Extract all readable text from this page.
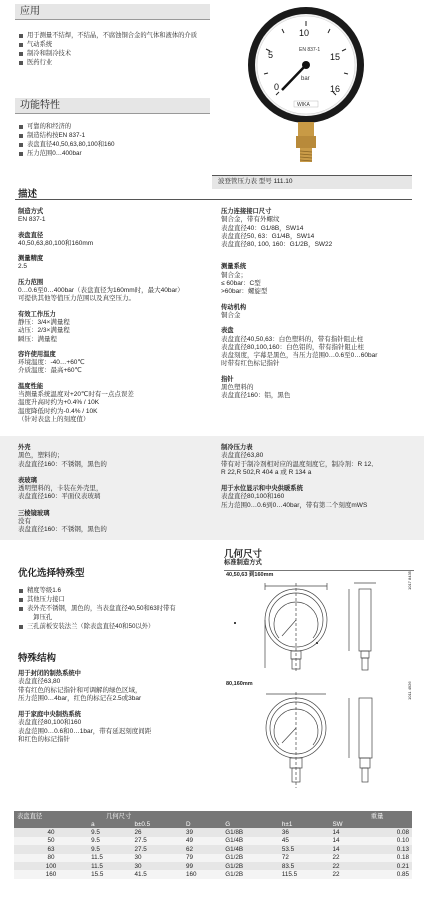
应用
用于测量不结焊，不结晶，不腐蚀铜合金的气体和液体的介质
气动系统
制冷和制冷技术
医药行业
功能特性
可靠的和经济的
制造结构按EN 837-1
表盘直径40,50,63,80,100和160
压力范围0…400bar
0
5
10
15
16
EN 837-1
bar
WIKA
波登管压力表 型号 111.10
描述
制造方式
EN 837-1
表盘直径
40,50,63,80,100和160mm
测量精度
2.5
压力范围
0…0.6至0…400bar（表盘直径为160mm时，最大40bar）
可提供其他等值压力范围以及真空压力。
有效工作压力
静压：3/4×满量程
动压：2/3×满量程
瞬压：满量程
容许使用温度
环境温度：-40…+60℃
介质温度：最高+60℃
温度性能
当测量系统温度对+20℃时有一点点误差
温度升高时约为+0.4% / 10K
温度降低时约为-0.4% / 10K
（针对表盘上的刻度值）
压力连接接口尺寸
铜合金，带有外螺纹
表盘直径40：G1/8B，SW14
表盘直径50, 63：G1/4B，SW14
表盘直径80, 100, 160：G1/2B，SW22
测量系统
铜合金；
≤ 60bar：C型
>60bar：螺旋型
传动机构
铜合金
表盘
表盘直径40,50,63：白色塑料的，带有指针阻止柱
表盘直径80,100,160：白色铝的，带有指针阻止柱
表盘刻度，字幕是黑色，当压力范围0…0.6至0…60bar
时带有红色标记指针
指针
黑色塑料的
表盘直径160：铝，黑色
外壳
黑色，塑料的；
表盘直径160：不锈钢，黑色的
表玻璃
透明塑料的，卡装在外壳里，
表盘直径160：平面仪表玻璃
三棱镜玻璃
没有
表盘直径160：不锈钢，黑色的
制冷压力表
表盘直径63,80
带有对于制冷剂相对应的温度刻度它，制冷剂：R 12,
R 22,R 502,R 404 a 或 R 134 a
用于水位显示和中央供暖系统
表盘直径80,100和160
压力范围0…0.6到0…40bar，带有第二个刻度mWS
优化选择特殊型
精度等级1.6
其他压力接口
表外壳不锈钢，黑色的，当表盘直径40,50和63时带有
　卸压孔
三孔前板安装法兰（除表盘直径40和50以外）
特殊结构
用于封闭的制热系统中
表盘直径63,80
带有红色的标记指针和可调解的绿色区域，
压力范围0…4bar，红色的标记在2.5或3bar
用于家庭中央制热系统
表盘直径80,100和160
表盘范围0…0.6和0…1bar，带有延迟刻度间距
和红色的标记指针
几何尺寸
标准制造方式
40,50,63 到160mm
80,160mm
1017 8435
1011 4926
表盘直径	几何尺寸						重量
	a	b±0.5	D	G	h±1	SW	
40	9.5	26	39	G1/8B	36	14	0.08
50	9.5	27.5	49	G1/4B	45	14	0.10
63	9.5	27.5	62	G1/4B	53.5	14	0.13
80	11.5	30	79	G1/2B	72	22	0.18
100	11.5	30	99	G1/2B	83.5	22	0.21
160	15.5	41.5	160	G1/2B	115.5	22	0.85
